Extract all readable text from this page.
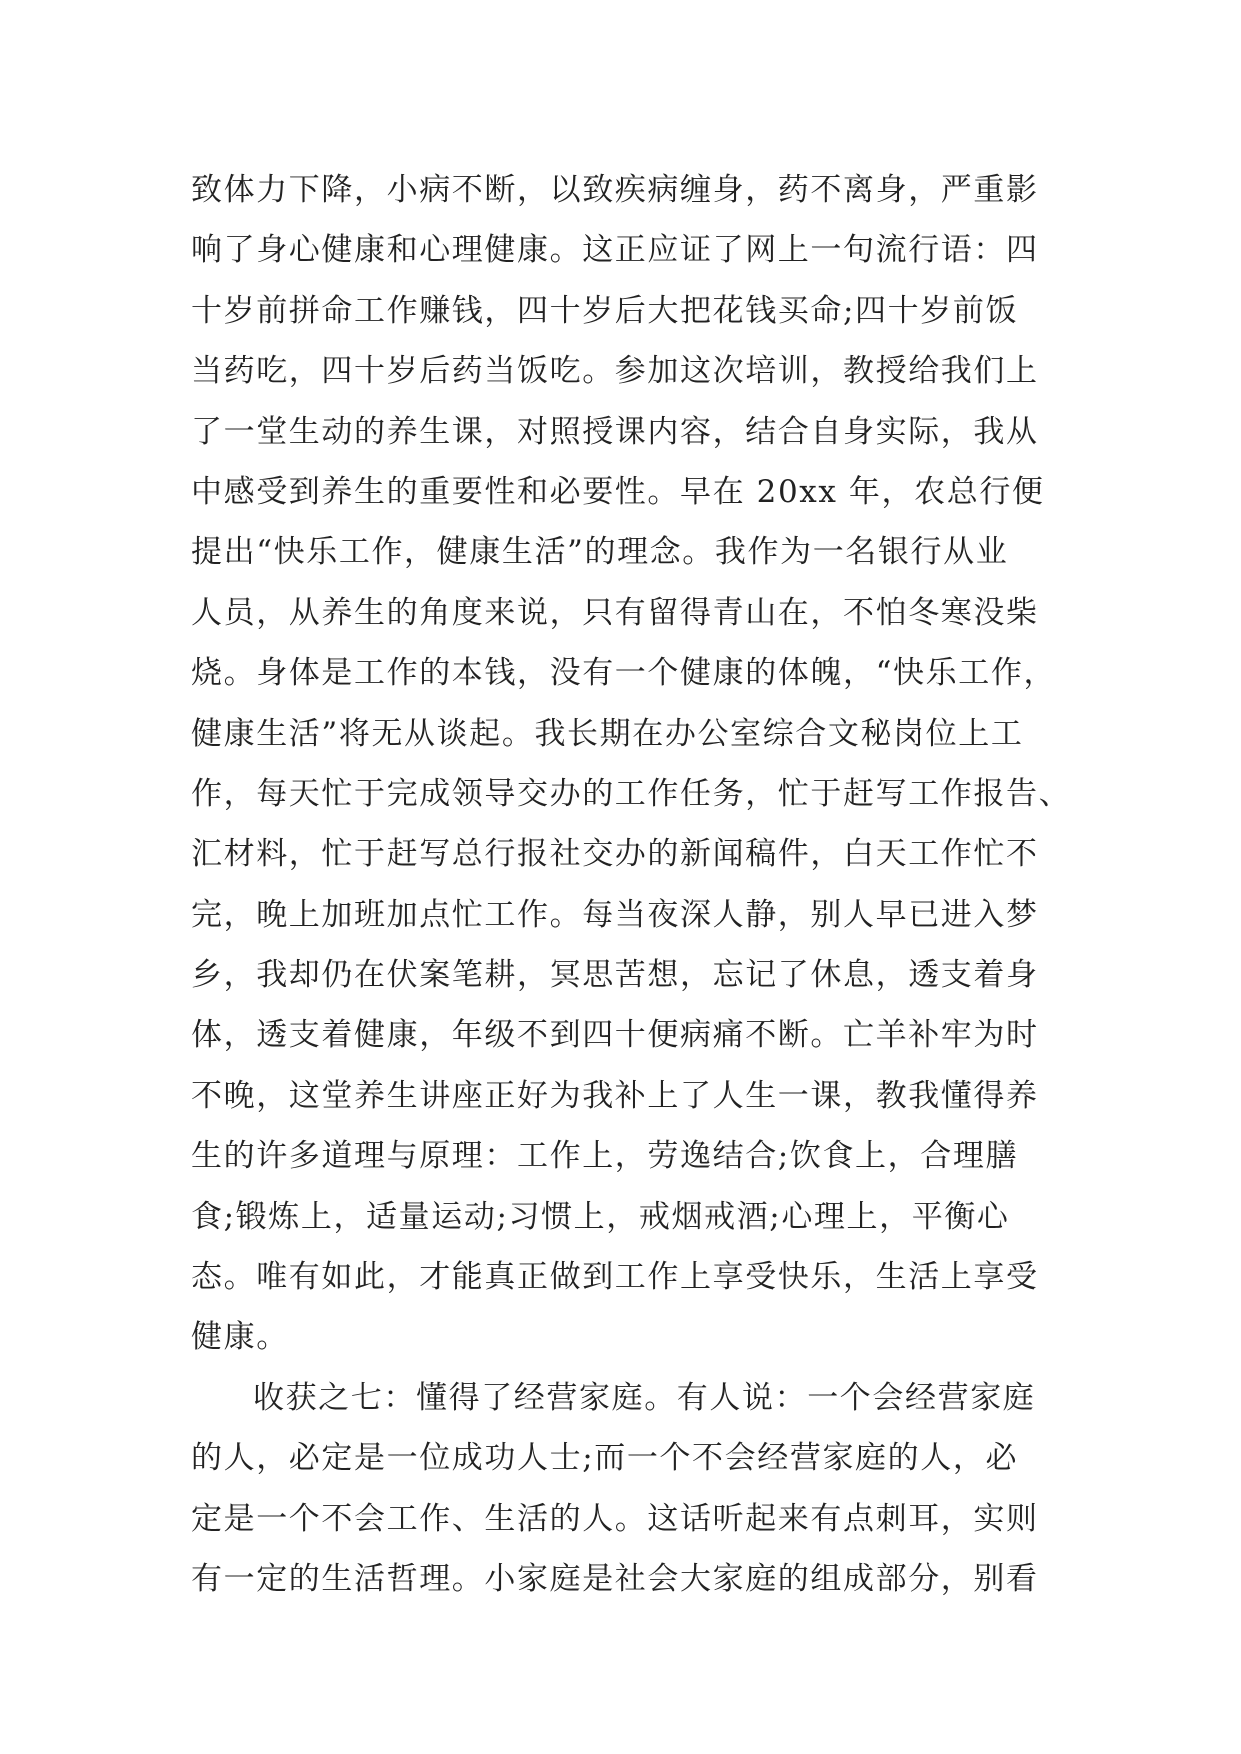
致体力下降，小病不断，以致疾病缠身，药不离身，严重影
响了身心健康和心理健康。这正应证了网上一句流行语：四
十岁前拼命工作赚钱，四十岁后大把花钱买命;四十岁前饭
当药吃，四十岁后药当饭吃。参加这次培训，教授给我们上
了一堂生动的养生课，对照授课内容，结合自身实际，我从
中感受到养生的重要性和必要性。早在 20xx 年，农总行便
提出“快乐工作，健康生活”的理念。我作为一名银行从业
人员，从养生的角度来说，只有留得青山在，不怕冬寒没柴
烧。身体是工作的本钱，没有一个健康的体魄，“快乐工作，
健康生活”将无从谈起。我长期在办公室综合文秘岗位上工
作，每天忙于完成领导交办的工作任务，忙于赶写工作报告、
汇材料，忙于赶写总行报社交办的新闻稿件，白天工作忙不
完，晚上加班加点忙工作。每当夜深人静，别人早已进入梦
乡，我却仍在伏案笔耕，冥思苦想，忘记了休息，透支着身
体，透支着健康，年级不到四十便病痛不断。亡羊补牢为时
不晚，这堂养生讲座正好为我补上了人生一课，教我懂得养
生的许多道理与原理：工作上，劳逸结合;饮食上，合理膳
食;锻炼上，适量运动;习惯上，戒烟戒酒;心理上，平衡心
态。唯有如此，才能真正做到工作上享受快乐，生活上享受
健康。
收获之七：懂得了经营家庭。有人说：一个会经营家庭
的人，必定是一位成功人士;而一个不会经营家庭的人，必
定是一个不会工作、生活的人。这话听起来有点刺耳，实则
有一定的生活哲理。小家庭是社会大家庭的组成部分，别看
